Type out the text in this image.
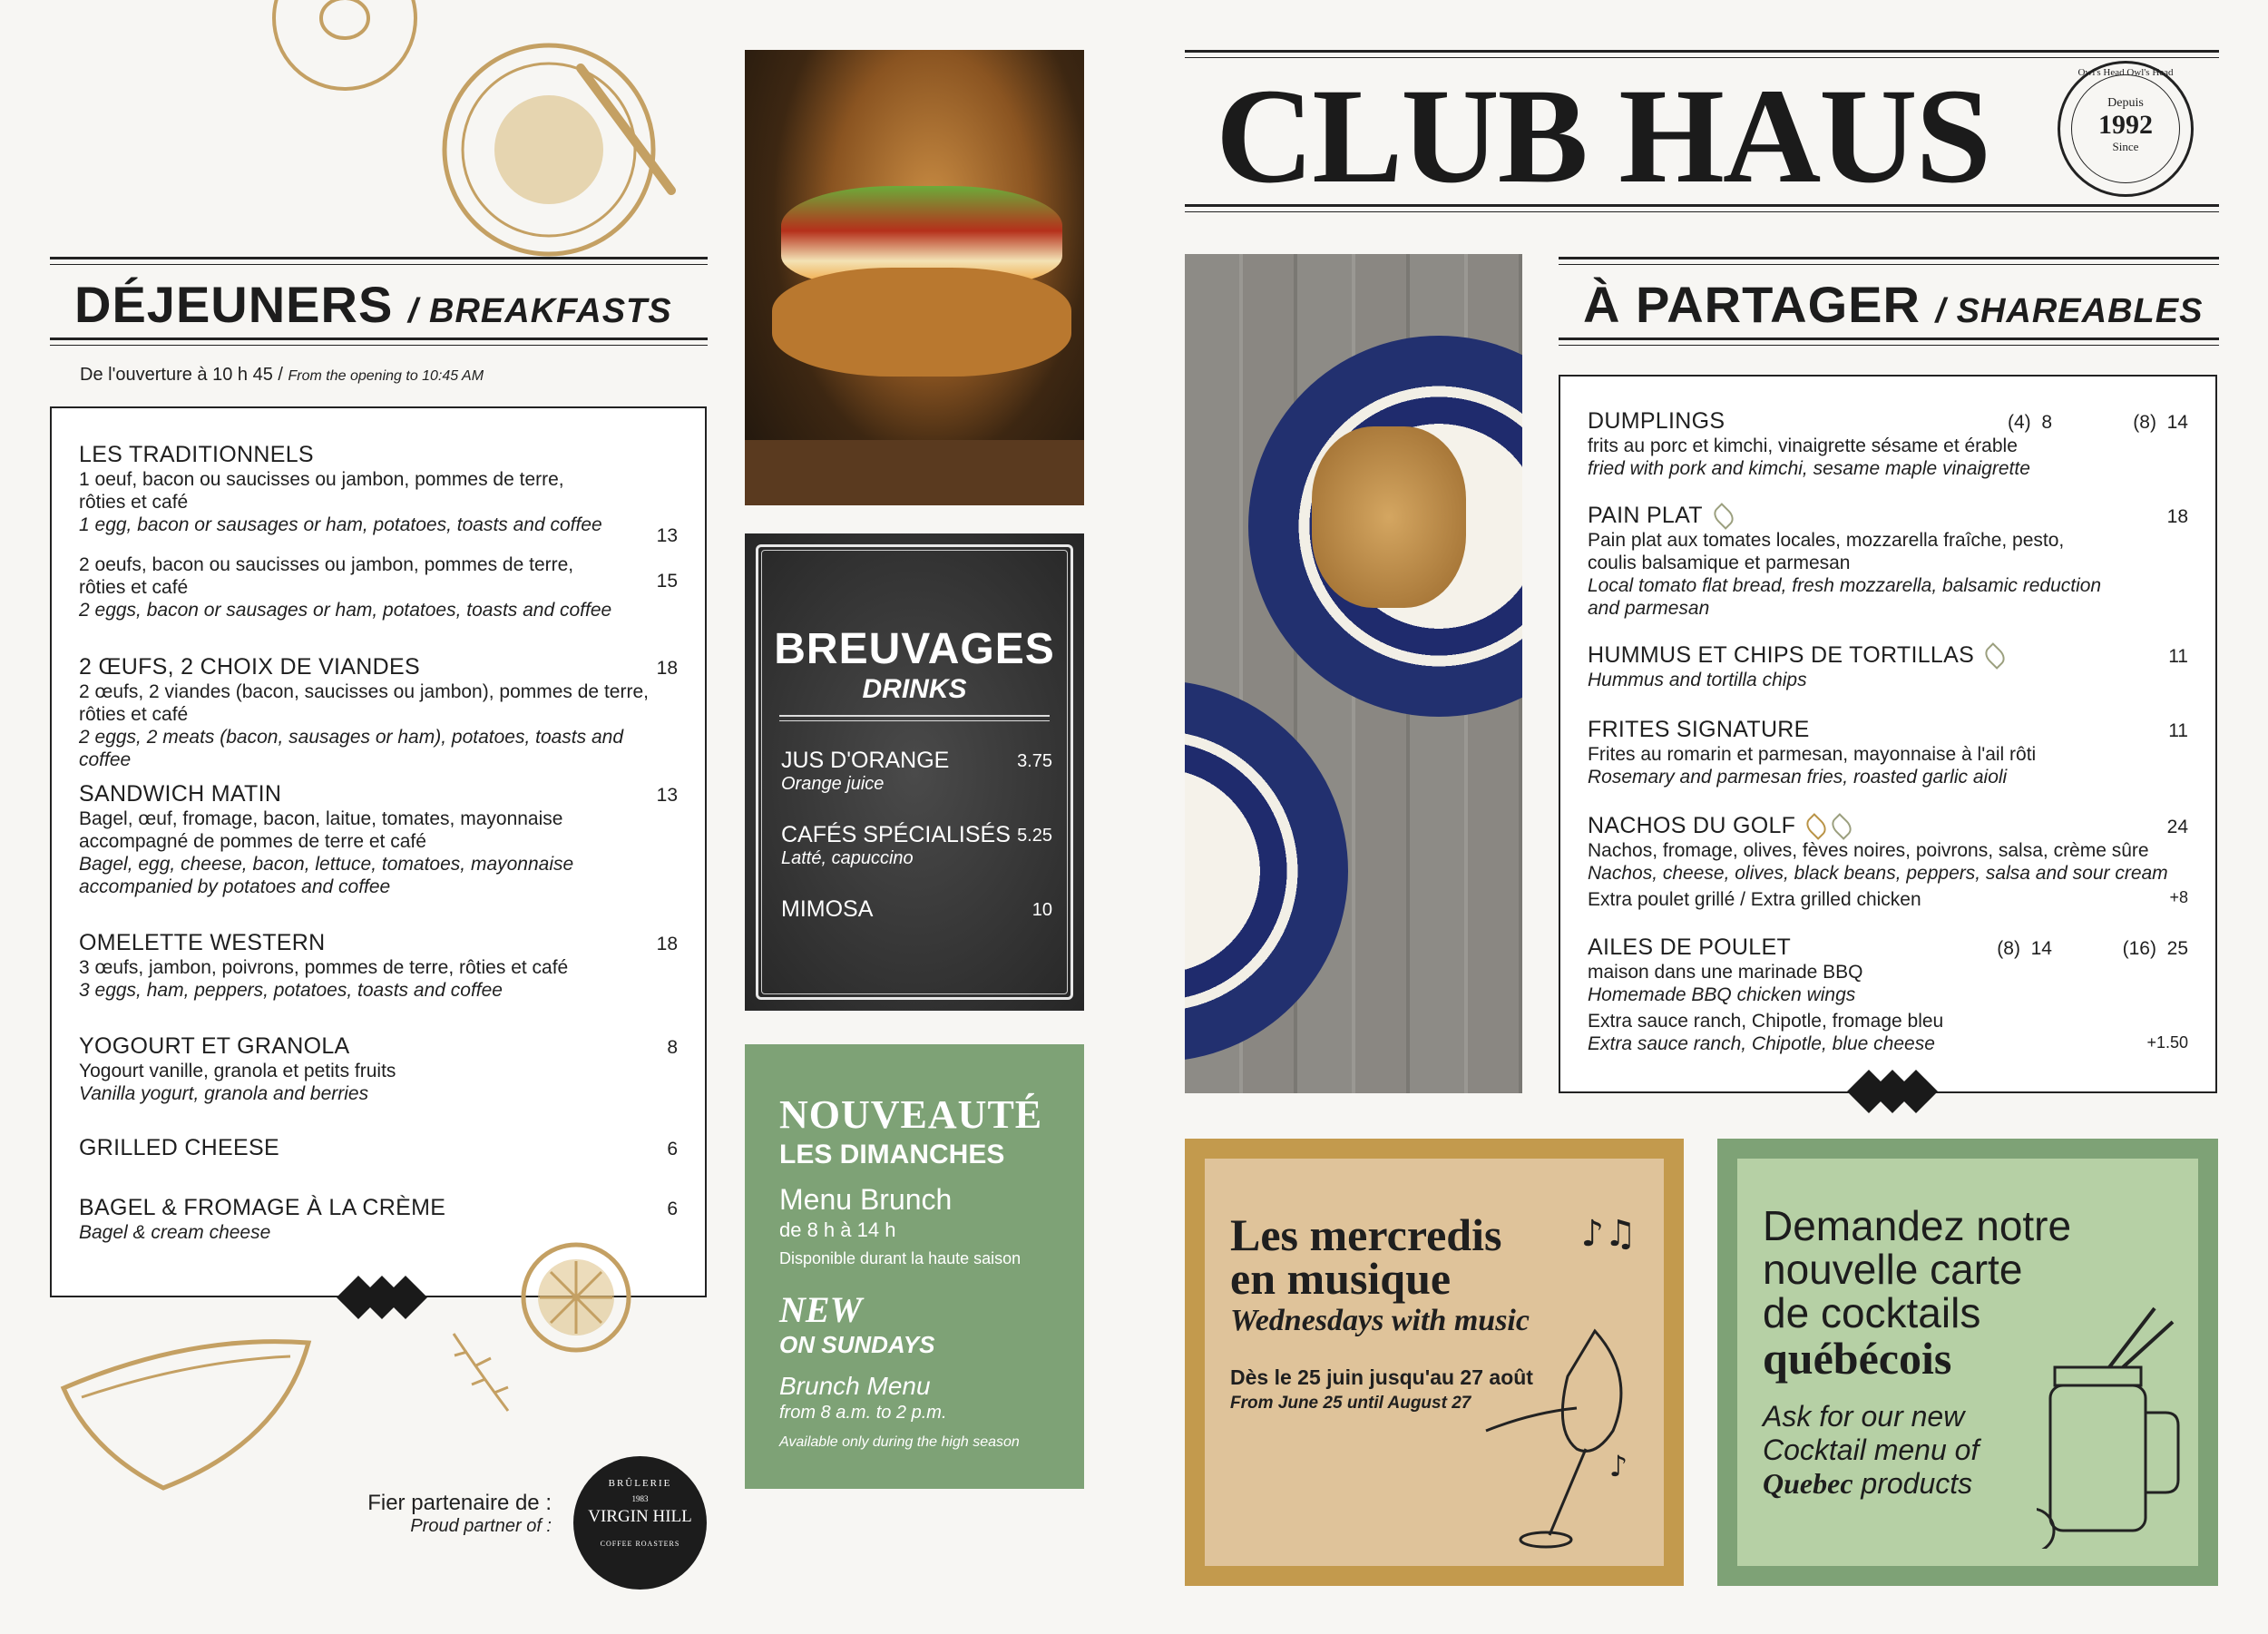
DÉJEUNERS / BREAKFASTS
De l'ouverture à 10 h 45 / From the opening to 10:45 AM
LES TRADITIONNELS
1 oeuf, bacon ou saucisses ou jambon, pommes de terre, rôties et café
1 egg, bacon or sausages or ham, potatoes, toasts and coffee
13
2 oeufs, bacon ou saucisses ou jambon, pommes de terre, rôties et café
2 eggs, bacon or sausages or ham, potatoes, toasts and coffee
15
2 ŒUFS, 2 CHOIX DE VIANDES
2 œufs, 2 viandes (bacon, saucisses ou jambon), pommes de terre, rôties et café
2 eggs, 2 meats (bacon, sausages or ham), potatoes, toasts and coffee
18
SANDWICH MATIN
Bagel, œuf, fromage, bacon, laitue, tomates, mayonnaise accompagné de pommes de terre et café
Bagel, egg, cheese, bacon, lettuce, tomatoes, mayonnaise accompanied by potatoes and coffee
13
OMELETTE WESTERN
3 œufs, jambon, poivrons, pommes de terre, rôties et café
3 eggs, ham, peppers, potatoes, toasts and coffee
18
YOGOURT ET GRANOLA
Yogourt vanille, granola et petits fruits
Vanilla yogurt, granola and berries
8
GRILLED CHEESE	6
BAGEL & FROMAGE À LA CRÈME
Bagel & cream cheese
6
Fier partenaire de :
Proud partner of :
BRÛLERIE
1983
VIRGIN HILL
COFFEE ROASTERS
BREUVAGES
DRINKS
JUS D'ORANGE
Orange juice
3.75
CAFÉS SPÉCIALISÉS
Latté, capuccino
5.25
MIMOSA	10
NOUVEAUTÉ
LES DIMANCHES
Menu Brunch
de 8 h à 14 h
Disponible durant la haute saison
NEW
ON SUNDAYS
Brunch Menu
from 8 a.m. to 2 p.m.
Available only during the high season
CLUB HAUS	Owl's Head Owl's Head
Depuis
1992
Since
À PARTAGER / SHAREABLES
DUMPLINGS
frits au porc et kimchi, vinaigrette sésame et érable
fried with pork and kimchi, sesame maple vinaigrette
(4)  8	(8)  14
PAIN PLAT
Pain plat aux tomates locales, mozzarella fraîche, pesto, coulis balsamique et parmesan
Local tomato flat bread, fresh mozzarella, balsamic reduction and parmesan
18
HUMMUS ET CHIPS DE TORTILLAS
Hummus and tortilla chips
11
FRITES SIGNATURE
Frites au romarin et parmesan, mayonnaise à l'ail rôti
Rosemary and parmesan fries, roasted garlic aioli
11
NACHOS DU GOLF
Nachos, fromage, olives, fèves noires, poivrons, salsa, crème sûre
Nachos, cheese, olives, black beans, peppers, salsa and sour cream
Extra poulet grillé / Extra grilled chicken
24
+8
AILES DE POULET
maison dans une marinade BBQ
Homemade BBQ chicken wings
Extra sauce ranch, Chipotle, fromage bleu
Extra sauce ranch, Chipotle, blue cheese
(8)  14	(16)  25
+1.50
Les mercredis
en musique
Wednesdays with music
Dès le 25 juin jusqu'au 27 août
From June 25 until August 27
♪♫
♪
Demandez notre
nouvelle carte
de cocktails
québécois
Ask for our new
Cocktail menu of
Quebec products
